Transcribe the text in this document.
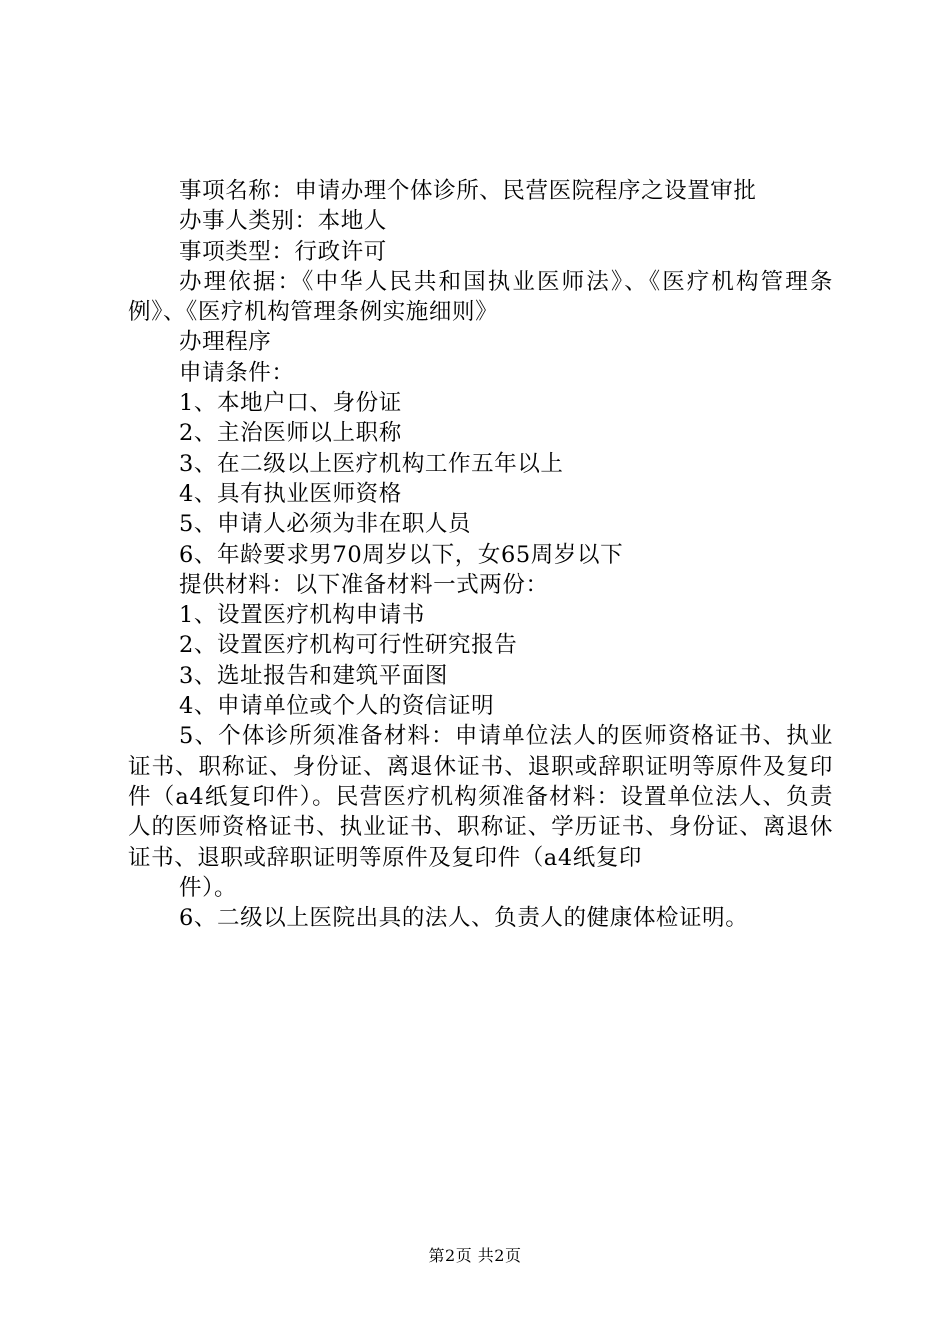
事项名称：申请办理个体诊所、民营医院程序之设置审批
办事人类别：本地人
事项类型：行政许可
办理依据：《中华人民共和国执业医师法》、《医疗机构管理条例》、《医疗机构管理条例实施细则》
办理程序
申请条件：
1、本地户口、身份证
2、主治医师以上职称
3、在二级以上医疗机构工作五年以上
4、具有执业医师资格
5、申请人必须为非在职人员
6、年龄要求男70周岁以下，女65周岁以下
提供材料：以下准备材料一式两份：
1、设置医疗机构申请书
2、设置医疗机构可行性研究报告
3、选址报告和建筑平面图
4、申请单位或个人的资信证明
5、个体诊所须准备材料：申请单位法人的医师资格证书、执业证书、职称证、身份证、离退休证书、退职或辞职证明等原件及复印件（a4纸复印件）。民营医疗机构须准备材料：设置单位法人、负责人的医师资格证书、执业证书、职称证、学历证书、身份证、离退休证书、退职或辞职证明等原件及复印件（a4纸复印
件）。
6、二级以上医院出具的法人、负责人的健康体检证明。
第2页 共2页
